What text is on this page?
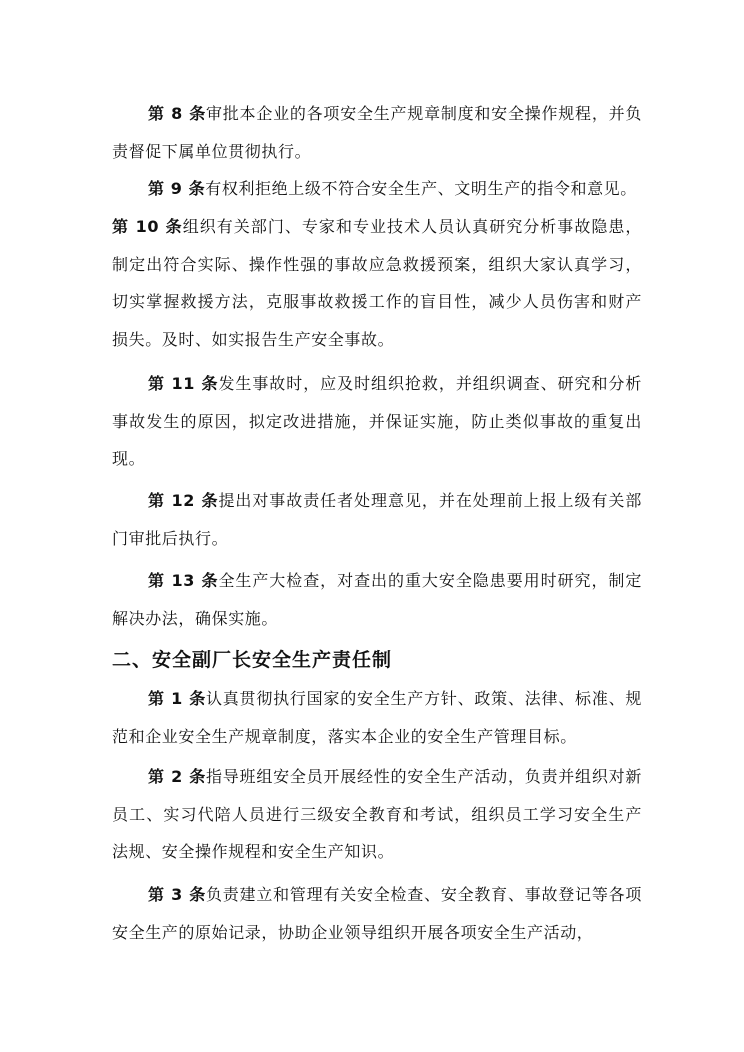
第 8 条审批本企业的各项安全生产规章制度和安全操作规程，并负责督促下属单位贯彻执行。

第 9 条有权利拒绝上级不符合安全生产、文明生产的指令和意见。

第 10 条组织有关部门、专家和专业技术人员认真研究分析事故隐患，制定出符合实际、操作性强的事故应急救援预案，组织大家认真学习，切实掌握救援方法，克服事故救援工作的盲目性，减少人员伤害和财产损失。及时、如实报告生产安全事故。

第 11 条发生事故时，应及时组织抢救，并组织调查、研究和分析事故发生的原因，拟定改进措施，并保证实施，防止类似事故的重复出现。

第 12 条提出对事故责任者处理意见，并在处理前上报上级有关部门审批后执行。

第 13 条全生产大检查，对查出的重大安全隐患要用时研究，制定解决办法，确保实施。

二、安全副厂长安全生产责任制

第 1 条认真贯彻执行国家的安全生产方针、政策、法律、标准、规范和企业安全生产规章制度，落实本企业的安全生产管理目标。

第 2 条指导班组安全员开展经性的安全生产活动，负责并组织对新员工、实习代陪人员进行三级安全教育和考试，组织员工学习安全生产法规、安全操作规程和安全生产知识。

第 3 条负责建立和管理有关安全检查、安全教育、事故登记等各项安全生产的原始记录，协助企业领导组织开展各项安全生产活动，
